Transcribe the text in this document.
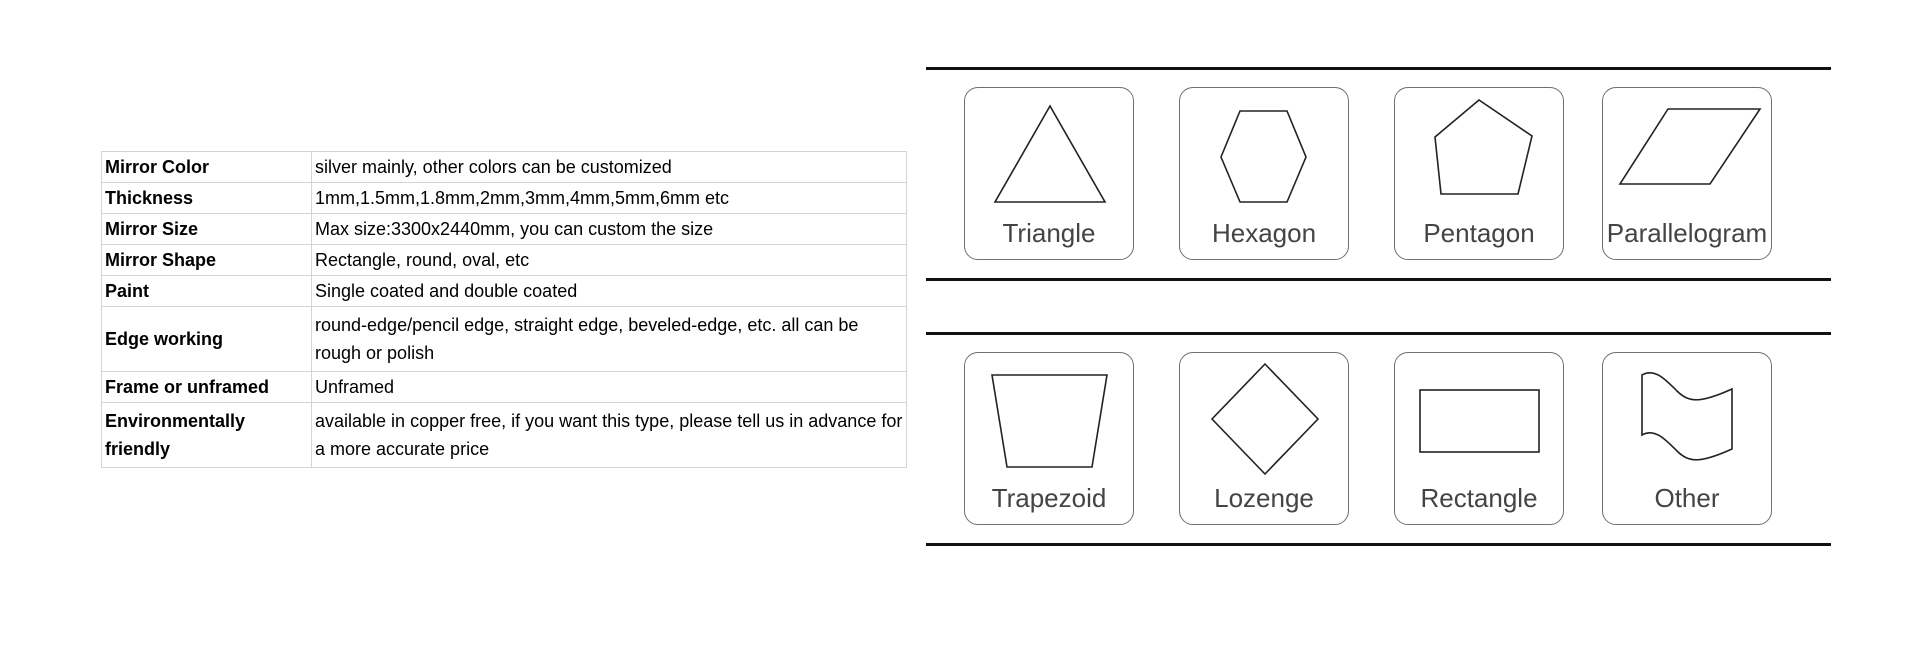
Mirror Color	silver mainly, other colors can be customized
Thickness	1mm,1.5mm,1.8mm,2mm,3mm,4mm,5mm,6mm etc
Mirror Size	Max size:3300x2440mm, you can custom the size
Mirror Shape	Rectangle, round, oval, etc
Paint	Single coated and double coated
Edge working	round-edge/pencil edge, straight edge, beveled-edge, etc. all can be rough or polish
Frame or unframed	Unframed
Environmentally friendly	available in copper free, if you want this type, please tell us in advance for a more accurate price
Triangle	Hexagon	Pentagon	Parallelogram
Trapezoid	Lozenge	Rectangle	Other
